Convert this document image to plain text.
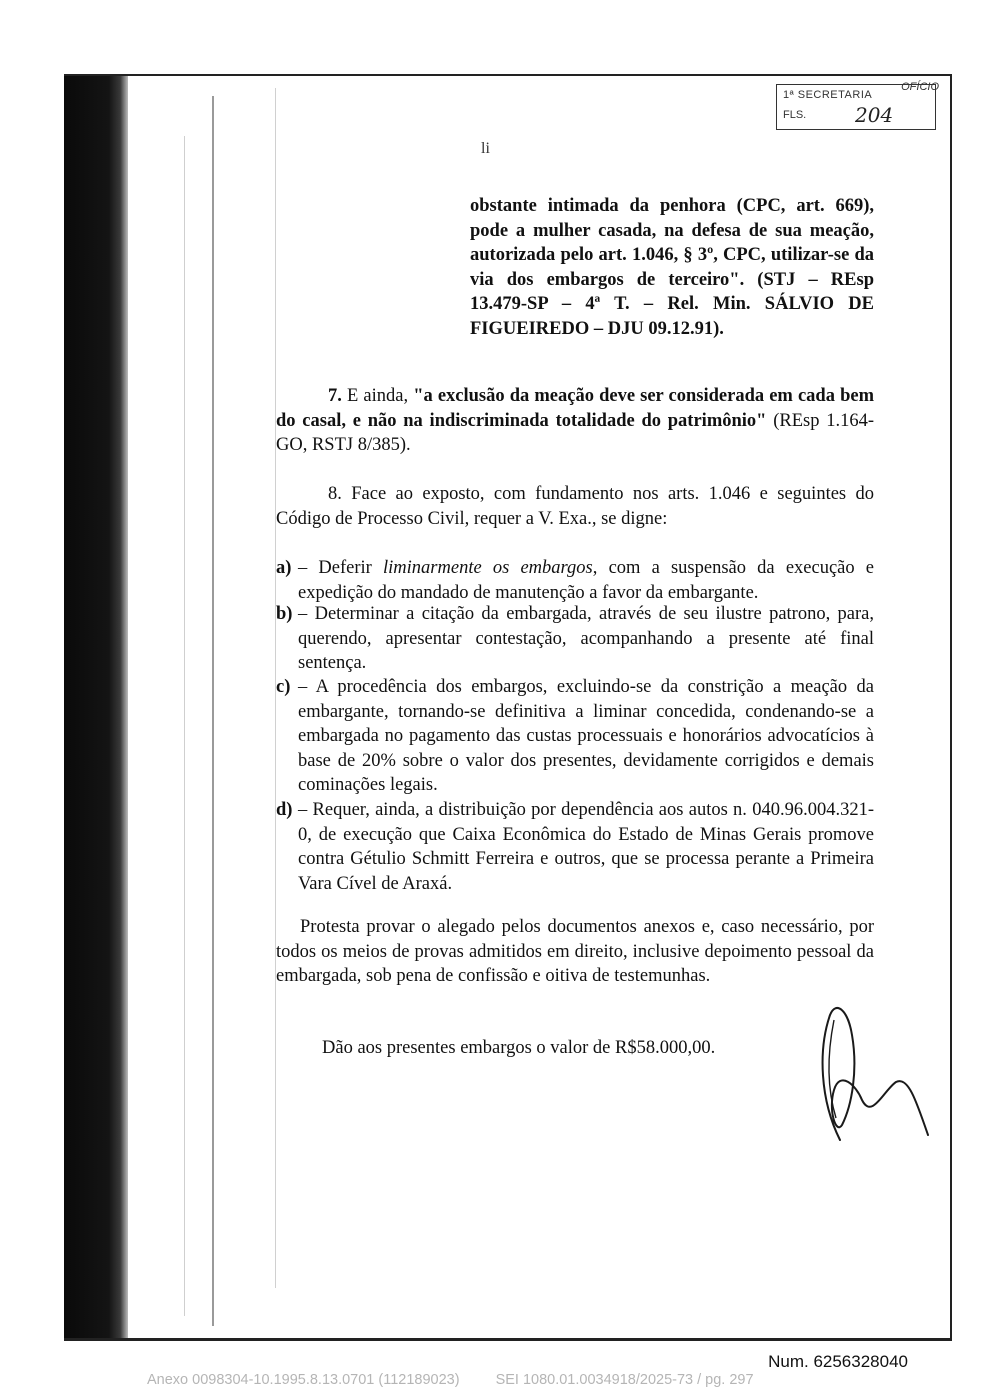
1ª SECRETARIA
FLS. 204
OFÍCIO
li
obstante intimada da penhora (CPC, art. 669), pode a mulher casada, na defesa de sua meação, autorizada pelo art. 1.046, § 3º, CPC, utilizar-se da via dos embargos de terceiro". (STJ – REsp 13.479-SP – 4ª T. – Rel. Min. SÁLVIO DE FIGUEIREDO – DJU 09.12.91).
7. E ainda, "a exclusão da meação deve ser considerada em cada bem do casal, e não na indiscriminada totalidade do patrimônio" (REsp 1.164-GO, RSTJ 8/385).
8. Face ao exposto, com fundamento nos arts. 1.046 e seguintes do Código de Processo Civil, requer a V. Exa., se digne:
a) – Deferir liminarmente os embargos, com a suspensão da execução e expedição do mandado de manutenção a favor da embargante.
b) – Determinar a citação da embargada, através de seu ilustre patrono, para, querendo, apresentar contestação, acompanhando a presente até final sentença.
c) – A procedência dos embargos, excluindo-se da constrição a meação da embargante, tornando-se definitiva a liminar concedida, condenando-se a embargada no pagamento das custas processuais e honorários advocatícios à base de 20% sobre o valor dos presentes, devidamente corrigidos e demais cominações legais.
d) – Requer, ainda, a distribuição por dependência aos autos n. 040.96.004.321-0, de execução que Caixa Econômica do Estado de Minas Gerais promove contra Gétulio Schmitt Ferreira e outros, que se processa perante a Primeira Vara Cível de Araxá.
Protesta provar o alegado pelos documentos anexos e, caso necessário, por todos os meios de provas admitidos em direito, inclusive depoimento pessoal da embargada, sob pena de confissão e oitiva de testemunhas.
Dão aos presentes embargos o valor de R$58.000,00.
Num. 6256328040
Anexo 0098304-10.1995.8.13.0701 (112189023) SEI 1080.01.0034918/2025-73 / pg. 297
